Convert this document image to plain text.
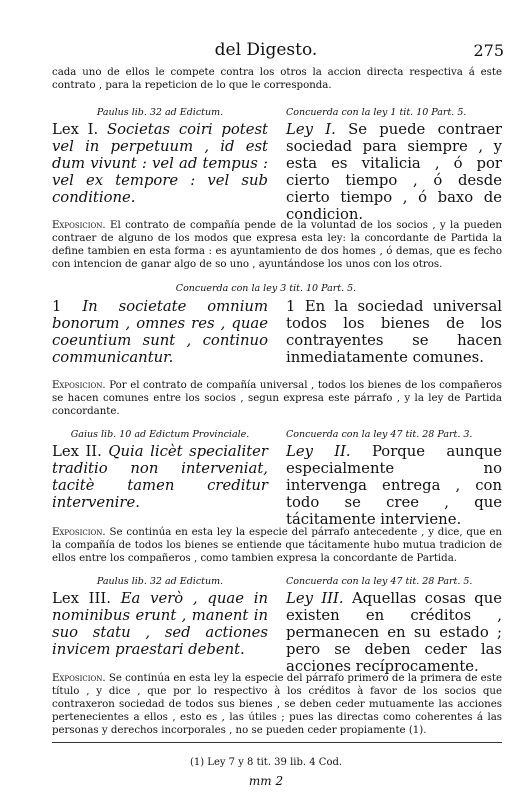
del Digesto.	275
cada uno de ellos le compete contra los otros la accion directa respectiva á este contrato , para la repeticion de lo que le corresponda.
Paulus lib. 32 ad Edictum.
Lex I. Societas coiri potest vel in perpetuum , id est dum vivunt : vel ad tempus : vel ex tempore : vel sub conditione.
Concuerda con la ley 1 tit. 10 Part. 5.
Ley I. Se puede contraer sociedad para siempre , y esta es vitalicia , ó por cierto tiempo , ó desde cierto tiempo , ó baxo de condicion.
Exposicion. El contrato de compañía pende de la voluntad de los socios , y la pueden contraer de alguno de los modos que expresa esta ley: la concordante de Partida la define tambien en esta forma : es ayuntamiento de dos homes , ó demas, que es fecho con intencion de ganar algo de so uno , ayuntándose los unos con los otros.
Concuerda con la ley 3 tit. 10 Part. 5.
1 In societate omnium bonorum , omnes res , quae coeuntium sunt , continuo communicantur.
1 En la sociedad universal todos los bienes de los contrayentes se hacen inmediatamente comunes.
Exposicion. Por el contrato de compañía universal , todos los bienes de los compañeros se hacen comunes entre los socios , segun expresa este párrafo , y la ley de Partida concordante.
Gaius lib. 10 ad Edictum Provinciale.
Lex II. Quia licèt specialiter traditio non interveniat, tacitè tamen creditur intervenire.
Concuerda con la ley 47 tit. 28 Part. 3.
Ley II. Porque aunque especialmente no intervenga entrega , con todo se cree , que tácitamente interviene.
Exposicion. Se continúa en esta ley la especie del párrafo antecedente , y dice, que en la compañía de todos los bienes se entiende que tácitamente hubo mutua tradicion de ellos entre los compañeros , como tambien expresa la concordante de Partida.
Paulus lib. 32 ad Edictum.
Lex III. Ea verò , quae in nominibus erunt , manent in suo statu , sed actiones invicem praestari debent.
Concuerda con la ley 47 tit. 28 Part. 5.
Ley III. Aquellas cosas que existen en créditos , permanecen en su estado ; pero se deben ceder las acciones recíprocamente.
Exposicion. Se continúa en esta ley la especie del párrafo primero de la primera de este título , y dice , que por lo respectivo à los créditos à favor de los socios que contraxeron sociedad de todos sus bienes , se deben ceder mutuamente las acciones pertenecientes a ellos , esto es , las útiles ; pues las directas como coherentes á las personas y derechos incorporales , no se pueden ceder propiamente (1).
(1) Ley 7 y 8 tit. 39 lib. 4 Cod.
mm 2
